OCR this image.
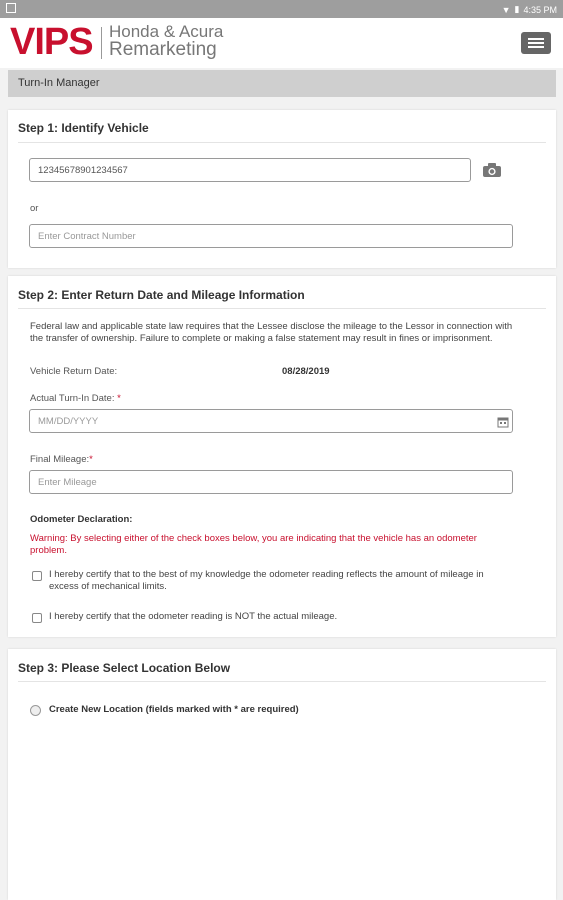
▼ ▮ 4:35 PM
VIPS Honda & Acura
Remarketing
Turn-In Manager
Step 1: Identify Vehicle
12345678901234567
or
Enter Contract Number
Step 2: Enter Return Date and Mileage Information
Federal law and applicable state law requires that the Lessee disclose the mileage to the Lessor in connection with the transfer of ownership. Failure to complete or making a false statement may result in fines or imprisonment.
Vehicle Return Date:	08/28/2019
Actual Turn-In Date: *
MM/DD/YYYY
Final Mileage:*
Enter Mileage
Odometer Declaration:
Warning: By selecting either of the check boxes below, you are indicating that the vehicle has an odometer problem.
I hereby certify that to the best of my knowledge the odometer reading reflects the amount of mileage in excess of mechanical limits.
I hereby certify that the odometer reading is NOT the actual mileage.
Step 3: Please Select Location Below
Create New Location (fields marked with * are required)
